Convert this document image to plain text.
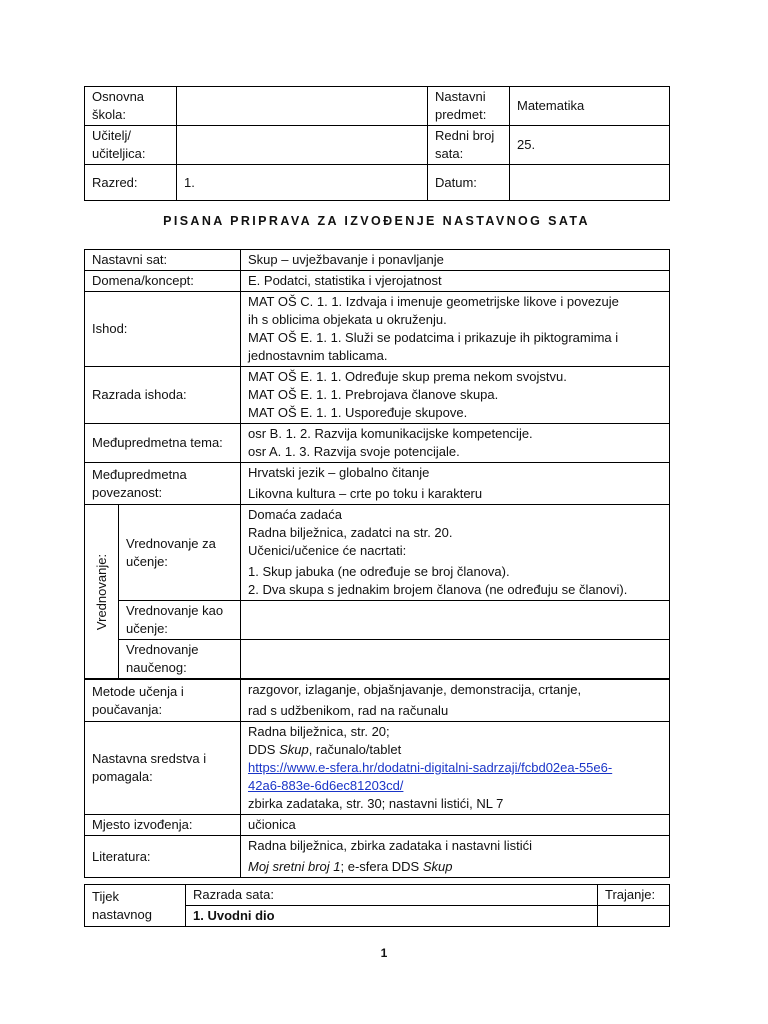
Osnovna škola:		Nastavni predmet:	Matematika
Učitelj/ učiteljica:		Redni broj sata:	25.
Razred:	1.	Datum:	
PISANA PRIPRAVA ZA IZVOĐENJE NASTAVNOG SATA
Nastavni sat:		Skup – uvježbavanje i ponavljanje
Domena/koncept:		E. Podatci, statistika i vjerojatnost
Ishod:		MAT OŠ C. 1. 1. Izdvaja i imenuje geometrijske likove i povezuje
ih s oblicima objekata u okruženju.
MAT OŠ E. 1. 1. Služi se podatcima i prikazuje ih piktogramima i
jednostavnim tablicama.

Razrada ishoda:		MAT OŠ E. 1. 1. Određuje skup prema nekom svojstvu.
MAT OŠ E. 1. 1. Prebrojava članove skupa.
MAT OŠ E. 1. 1. Uspoređuje skupove.

Međupredmetna tema:		osr B. 1. 2. Razvija komunikacijske kompetencije.
osr A. 1. 3. Razvija svoje potencijale.

Međupredmetna povezanost:		Hrvatski jezik – globalno čitanje
Likovna kultura – crte po toku i karakteru

Vrednovanje:	Vrednovanje za učenje:	Domaća zadaća
Radna bilježnica, zadatci na str. 20.
Učenici/učenice će nacrtati:
1. Skup jabuka (ne određuje se broj članova).
2. Dva skupa s jednakim brojem članova (ne određuju se članovi).

	Vrednovanje kao učenje:	
	Vrednovanje naučenog:	
Metode učenja i poučavanja:	razgovor, izlaganje, objašnjavanje, demonstracija, crtanje,
rad s udžbenikom, rad na računalu

Nastavna sredstva i pomagala:	Radna bilježnica, str. 20;
DDS Skup, računalo/tablet
https://www.e-sfera.hr/dodatni-digitalni-sadrzaji/fcbd02ea-55e6-
42a6-883e-6d6ec81203cd/
zbirka zadataka, str. 30; nastavni listići, NL 7

Mjesto izvođenja:	učionica
Literatura:	Radna bilježnica, zbirka zadataka i nastavni listići
Moj sretni broj 1; e-sfera DDS Skup
Tijek nastavnog	Razrada sata:	Trajanje:
	1. Uvodni dio	
1
